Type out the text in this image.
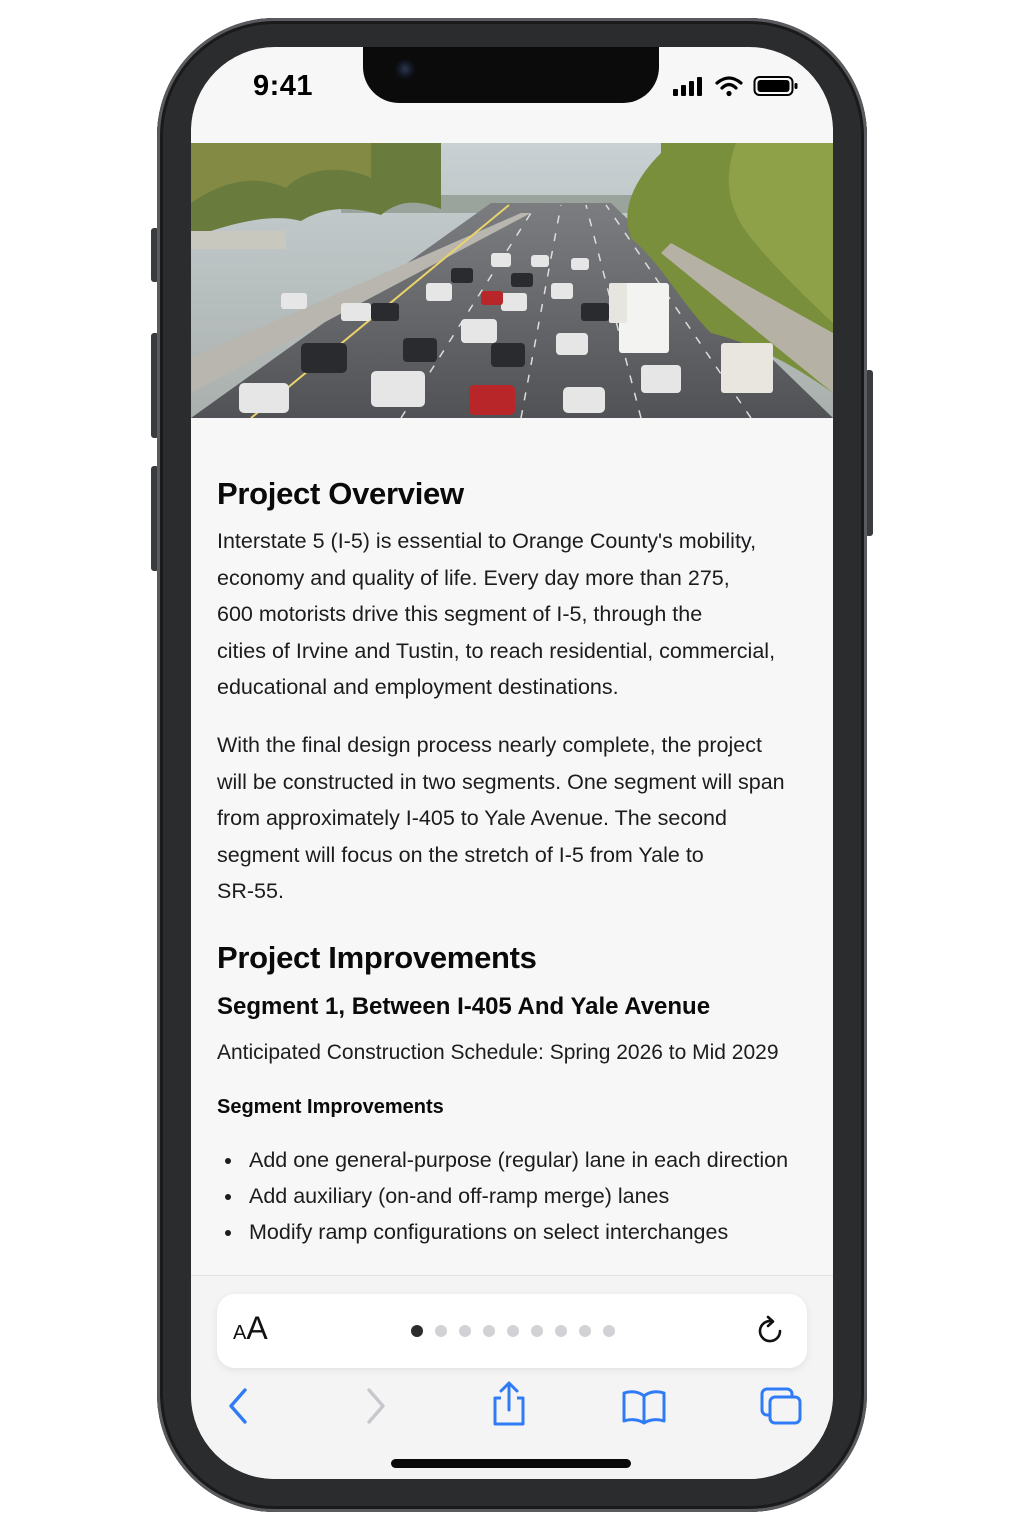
9:41
Project Overview

Interstate 5 (I-5) is essential to Orange County's mobility,
economy and quality of life. Every day more than 275,
600 motorists drive this segment of I-5, through the
cities of Irvine and Tustin, to reach residential, commercial,
educational and employment destinations.

With the final design process nearly complete, the project
will be constructed in two segments. One segment will span
from approximately I-405 to Yale Avenue. The second
segment will focus on the stretch of I-5 from Yale to
SR-55.

Project Improvements
Segment 1, Between I-405 And Yale Avenue
Anticipated Construction Schedule: Spring 2026 to Mid 2029
Segment Improvements
Add one general-purpose (regular) lane in each direction
Add auxiliary (on-and off-ramp merge) lanes
Modify ramp configurations on select interchanges
A A
